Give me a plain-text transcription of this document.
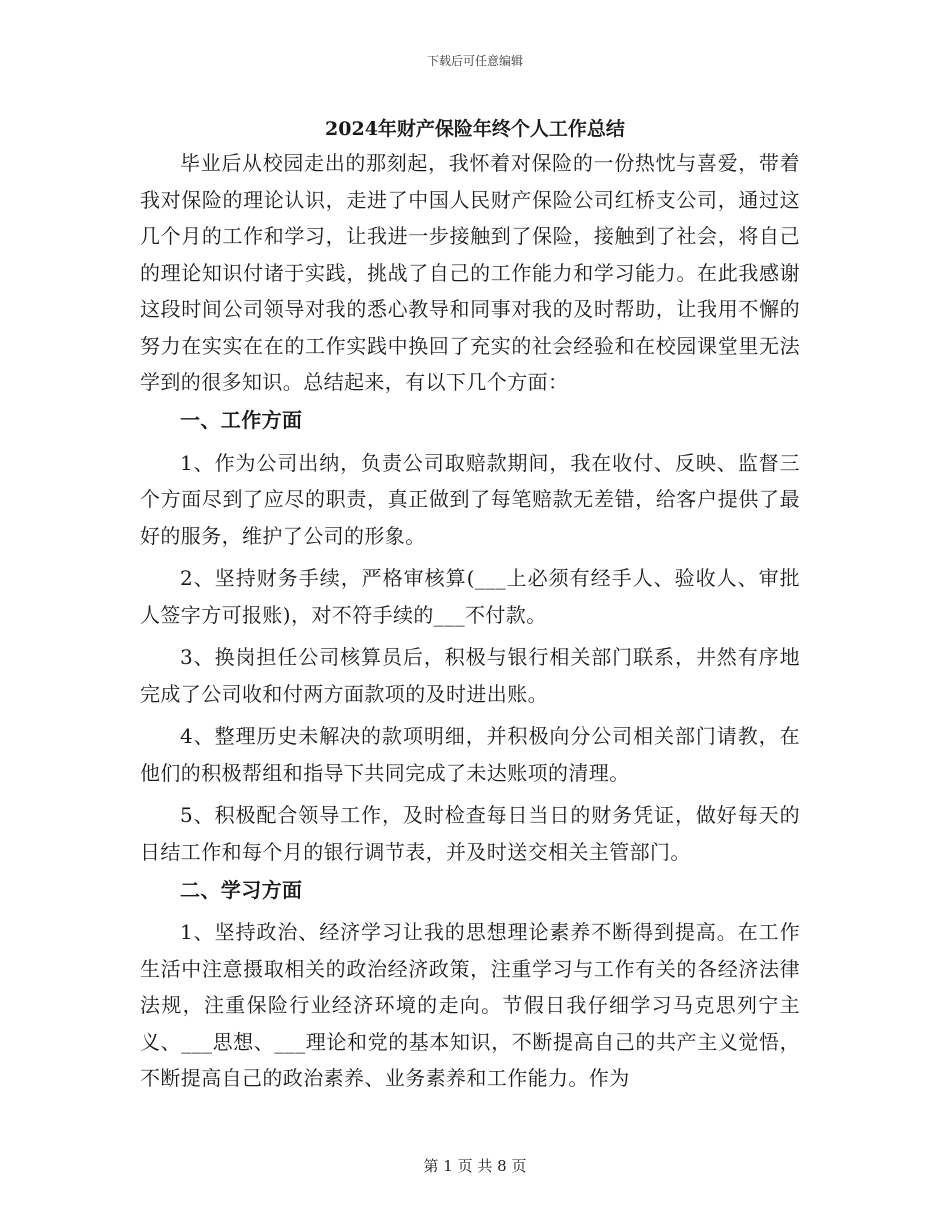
下载后可任意编辑
2024年财产保险年终个人工作总结

毕业后从校园走出的那刻起，我怀着对保险的一份热忱与喜爱，带着我对保险的理论认识，走进了中国人民财产保险公司红桥支公司，通过这几个月的工作和学习，让我进一步接触到了保险，接触到了社会，将自己的理论知识付诸于实践，挑战了自己的工作能力和学习能力。在此我感谢这段时间公司领导对我的悉心教导和同事对我的及时帮助，让我用不懈的努力在实实在在的工作实践中换回了充实的社会经验和在校园课堂里无法学到的很多知识。总结起来，有以下几个方面：

一、工作方面

1、作为公司出纳，负责公司取赔款期间，我在收付、反映、监督三个方面尽到了应尽的职责，真正做到了每笔赔款无差错，给客户提供了最好的服务，维护了公司的形象。

2、坚持财务手续，严格审核算(___上必须有经手人、验收人、审批人签字方可报账)，对不符手续的___不付款。

3、换岗担任公司核算员后，积极与银行相关部门联系，井然有序地完成了公司收和付两方面款项的及时进出账。

4、整理历史未解决的款项明细，并积极向分公司相关部门请教，在他们的积极帮组和指导下共同完成了未达账项的清理。

5、积极配合领导工作，及时检查每日当日的财务凭证，做好每天的日结工作和每个月的银行调节表，并及时送交相关主管部门。

二、学习方面

1、坚持政治、经济学习让我的思想理论素养不断得到提高。在工作生活中注意摄取相关的政治经济政策，注重学习与工作有关的各经济法律法规，注重保险行业经济环境的走向。节假日我仔细学习马克思列宁主义、___思想、___理论和党的基本知识，不断提高自己的共产主义觉悟，不断提高自己的政治素养、业务素养和工作能力。作为

第 1 页 共 8 页
